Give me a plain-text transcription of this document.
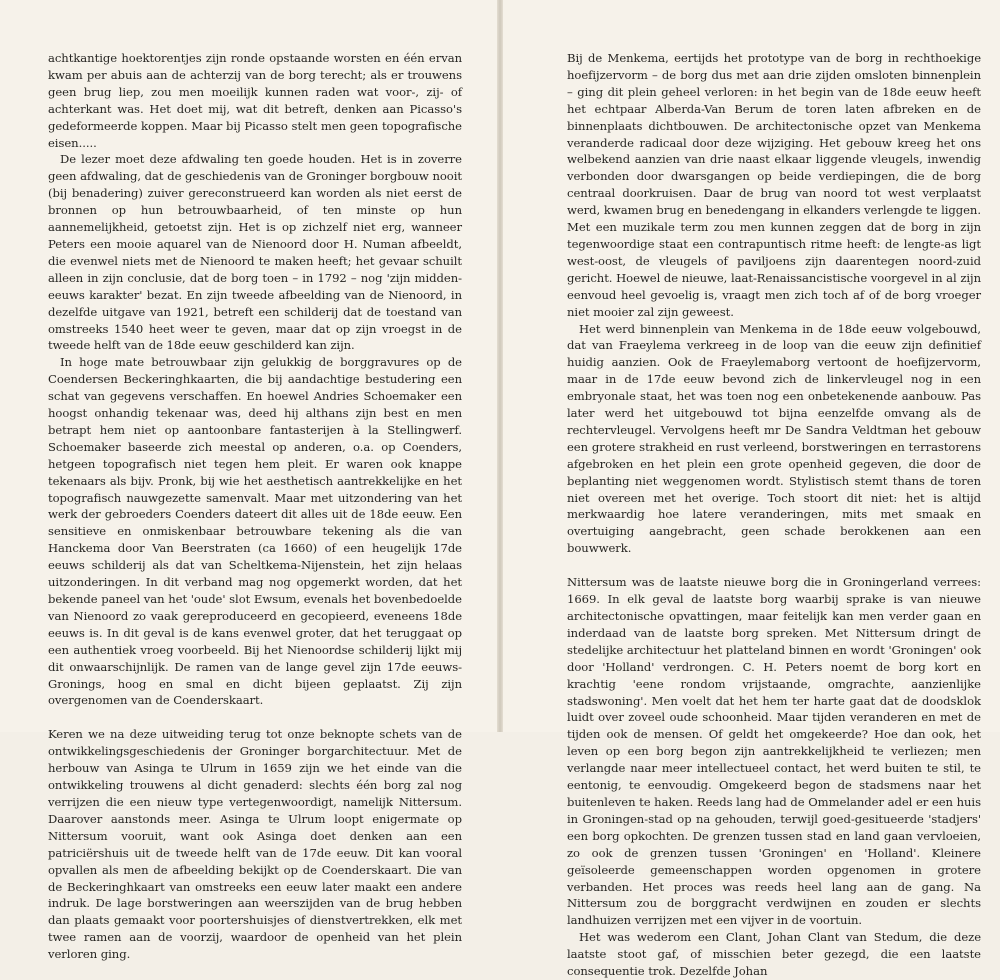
achtkantige hoektorentjes zijn ronde opstaande worsten en één ervan kwam per abuis aan de achterzij van de borg terecht; als er trouwens geen brug liep, zou men moeilijk kunnen raden wat voor-, zij- of achterkant was. Het doet mij, wat dit betreft, denken aan Picasso's gedeformeerde koppen. Maar bij Picasso stelt men geen topografische eisen.....

De lezer moet deze afdwaling ten goede houden. Het is in zoverre geen afdwaling, dat de geschiedenis van de Groninger borgbouw nooit (bij benadering) zuiver gereconstrueerd kan worden als niet eerst de bronnen op hun betrouwbaarheid, of ten minste op hun aannemelijkheid, getoetst zijn. Het is op zichzelf niet erg, wanneer Peters een mooie aquarel van de Nienoord door H. Numan afbeeldt, die evenwel niets met de Nienoord te maken heeft; het gevaar schuilt alleen in zijn conclusie, dat de borg toen – in 1792 – nog 'zijn midden-eeuws karakter' bezat. En zijn tweede afbeelding van de Nienoord, in dezelfde uitgave van 1921, betreft een schilderij dat de toestand van omstreeks 1540 heet weer te geven, maar dat op zijn vroegst in de tweede helft van de 18de eeuw geschilderd kan zijn.

In hoge mate betrouwbaar zijn gelukkig de borggravures op de Coendersen Beckeringhkaarten, die bij aandachtige bestudering een schat van gegevens verschaffen. En hoewel Andries Schoemaker een hoogst onhandig tekenaar was, deed hij althans zijn best en men betrapt hem niet op aantoonbare fantasterijen à la Stellingwerf. Schoemaker baseerde zich meestal op anderen, o.a. op Coenders, hetgeen topografisch niet tegen hem pleit. Er waren ook knappe tekenaars als bijv. Pronk, bij wie het aesthetisch aantrekkelijke en het topografisch nauwgezette samenvalt. Maar met uitzondering van het werk der gebroeders Coenders dateert dit alles uit de 18de eeuw. Een sensitieve en onmiskenbaar betrouwbare tekening als die van Hanckema door Van Beerstraten (ca 1660) of een heugelijk 17de eeuws schilderij als dat van Scheltkema-Nijenstein, het zijn helaas uitzonderingen. In dit verband mag nog opgemerkt worden, dat het bekende paneel van het 'oude' slot Ewsum, evenals het bovenbedoelde van Nienoord zo vaak gereproduceerd en gecopieerd, eveneens 18de eeuws is. In dit geval is de kans evenwel groter, dat het teruggaat op een authentiek vroeg voorbeeld. Bij het Nienoordse schilderij lijkt mij dit onwaarschijnlijk. De ramen van de lange gevel zijn 17de eeuws-Gronings, hoog en smal en dicht bijeen geplaatst. Zij zijn overgenomen van de Coenderskaart.

Keren we na deze uitweiding terug tot onze beknopte schets van de ontwikkelingsgeschiedenis der Groninger borgarchitectuur. Met de herbouw van Asinga te Ulrum in 1659 zijn we het einde van die ontwikkeling trouwens al dicht genaderd: slechts één borg zal nog verrijzen die een nieuw type vertegenwoordigt, namelijk Nittersum. Daarover aanstonds meer. Asinga te Ulrum loopt enigermate op Nittersum vooruit, want ook Asinga doet denken aan een patriciërshuis uit de tweede helft van de 17de eeuw. Dit kan vooral opvallen als men de afbeelding bekijkt op de Coenderskaart. Die van de Beckeringhkaart van omstreeks een eeuw later maakt een andere indruk. De lage borstweringen aan weerszijden van de brug hebben dan plaats gemaakt voor poortershuisjes of dienstvertrekken, elk met twee ramen aan de voorzij, waardoor de openheid van het plein verloren ging.

Bij de Menkema, eertijds het prototype van de borg in rechthoekige hoefijzervorm – de borg dus met aan drie zijden omsloten binnenplein – ging dit plein geheel verloren: in het begin van de 18de eeuw heeft het echtpaar Alberda-Van Berum de toren laten afbreken en de binnenplaats dichtbouwen. De architectonische opzet van Menkema veranderde radicaal door deze wijziging. Het gebouw kreeg het ons welbekend aanzien van drie naast elkaar liggende vleugels, inwendig verbonden door dwarsgangen op beide verdiepingen, die de borg centraal doorkruisen. Daar de brug van noord tot west verplaatst werd, kwamen brug en benedengang in elkanders verlengde te liggen. Met een muzikale term zou men kunnen zeggen dat de borg in zijn tegenwoordige staat een contrapuntisch ritme heeft: de lengte-as ligt west-oost, de vleugels of paviljoens zijn daarentegen noord-zuid gericht. Hoewel de nieuwe, laat-Renaissancistische voorgevel in al zijn eenvoud heel gevoelig is, vraagt men zich toch af of de borg vroeger niet mooier zal zijn geweest.

Het werd binnenplein van Menkema in de 18de eeuw volgebouwd, dat van Fraeylema verkreeg in de loop van die eeuw zijn definitief huidig aanzien. Ook de Fraeylemaborg vertoont de hoefijzervorm, maar in de 17de eeuw bevond zich de linkervleugel nog in een embryonale staat, het was toen nog een onbetekenende aanbouw. Pas later werd het uitgebouwd tot bijna eenzelfde omvang als de rechtervleugel. Vervolgens heeft mr De Sandra Veldtman het gebouw een grotere strakheid en rust verleend, borstweringen en terrastorens afgebroken en het plein een grote openheid gegeven, die door de beplanting niet weggenomen wordt. Stylistisch stemt thans de toren niet overeen met het overige. Toch stoort dit niet: het is altijd merkwaardig hoe latere veranderingen, mits met smaak en overtuiging aangebracht, geen schade berokkenen aan een bouwwerk.

Nittersum was de laatste nieuwe borg die in Groningerland verrees: 1669. In elk geval de laatste borg waarbij sprake is van nieuwe architectonische opvattingen, maar feitelijk kan men verder gaan en inderdaad van de laatste borg spreken. Met Nittersum dringt de stedelijke architectuur het platteland binnen en wordt 'Groningen' ook door 'Holland' verdrongen. C. H. Peters noemt de borg kort en krachtig 'eene rondom vrijstaande, omgrachte, aanzienlijke stadswoning'. Men voelt dat het hem ter harte gaat dat de doodsklok luidt over zoveel oude schoonheid. Maar tijden veranderen en met de tijden ook de mensen. Of geldt het omgekeerde? Hoe dan ook, het leven op een borg begon zijn aantrekkelijkheid te verliezen; men verlangde naar meer intellectueel contact, het werd buiten te stil, te eentonig, te eenvoudig. Omgekeerd begon de stadsmens naar het buitenleven te haken. Reeds lang had de Ommelander adel er een huis in Groningen-stad op na gehouden, terwijl goed-gesitueerde 'stadjers' een borg opkochten. De grenzen tussen stad en land gaan vervloeien, zo ook de grenzen tussen 'Groningen' en 'Holland'. Kleinere geïsoleerde gemeenschappen worden opgenomen in grotere verbanden. Het proces was reeds heel lang aan de gang. Na Nittersum zou de borggracht verdwijnen en zouden er slechts landhuizen verrijzen met een vijver in de voortuin.

Het was wederom een Clant, Johan Clant van Stedum, die deze laatste stoot gaf, of misschien beter gezegd, die een laatste consequentie trok. Dezelfde Johan
